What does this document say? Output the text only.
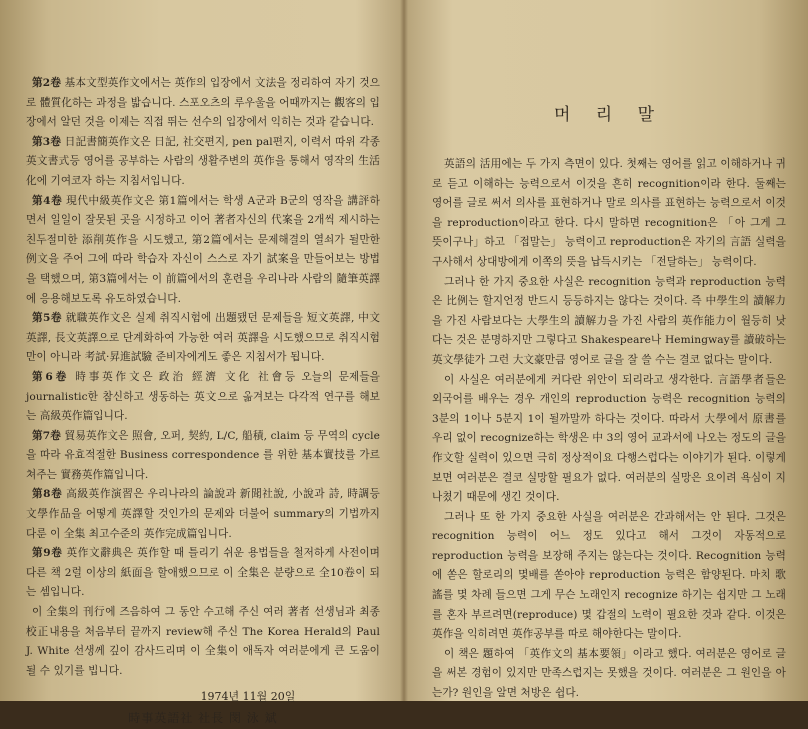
第2卷 基本文型英作文에서는 英作의 입장에서 文法을 정리하여 자기 것으로 體質化하는 과정을 밟습니다. 스포오츠의 루우울을 어때까지는 觀客의 입장에서 알던 것을 이제는 직접 뛰는 선수의 입장에서 익히는 것과 같습니다.

第3卷 日記書簡英作文은 日記, 社交편지, pen pal편지, 이력서 따위 각종 英文書式등 영어를 공부하는 사람의 생활주변의 英作을 통해서 영작의 生活化에 기여코자 하는 지침서입니다.

第4卷 現代中級英作文은 第1篇에서는 학생 A군과 B군의 영작을 講評하면서 일일이 잘못된 곳을 시정하고 이어 著者자신의 代案을 2개씩 제시하는 친두절미한 添削英作을 시도했고, 第2篇에서는 문제해결의 열쇠가 될만한 例文을 주어 그에 따라 학습자 자신이 스스로 자기 試案을 만들어보는 방법을 택했으며, 第3篇에서는 이 前篇에서의 훈련을 우리나라 사람의 隨筆英譯에 응용해보도록 유도하였습니다.

第5卷 就職英作文은 실제 취직시험에 出題됐던 문제들을 短文英譯, 中文英譯, 長文英譯으로 단계화하여 가능한 여러 英譯을 시도했으므로 취직시험만이 아니라 考試·昇進試驗 준비자에게도 좋은 지침서가 됩니다.

第6卷 時事英作文은 政治 經濟 文化 社會등 오늘의 문제들을 journalistic한 참신하고 생동하는 英文으로 옮겨보는 다각적 연구를 해보는 高級英作篇입니다.

第7卷 貿易英作文은 照會, 오퍼, 契約, L/C, 船積, claim 등 무역의 cycle을 따라 유효적절한 Business correspondence 를 위한 基本實技를 가르쳐주는 實務英作篇입니다.

第8卷 高級英作演習은 우리나라의 論說과 新聞社說, 小說과 詩, 時調등 文學作品을 어떻게 英譯할 것인가의 문제와 더불어 summary의 기법까지 다룬 이 全集 최고수준의 英作完成篇입니다.

第9卷 英作文辭典은 英作할 때 틀리기 쉬운 용법들을 철저하게 사전이며 다른 책 2럴 이상의 紙面을 할애했으므로 이 全集은 분량으로 全10卷이 되는 셈입니다.

이 全集의 刊行에 즈음하여 그 동안 수고해 주신 여러 著者 선생님과 최종 校正내용을 처음부터 끝까지 review해 주신 The Korea Herald의 Paul J. White 선생께 깊이 감사드리며 이 全集이 애독자 여러분에게 큰 도움이 될 수 있기를 빕니다.

1974년 11월 20일
時事英語社 社長 閔 泳 斌
머 리 말

英語의 活用에는 두 가지 측면이 있다. 첫째는 영어를 읽고 이해하거나 귀로 듣고 이해하는 능력으로서 이것을 흔히 recognition이라 한다. 둘째는 영어를 글로 써서 의사를 표현하거나 말로 의사를 표현하는 능력으로서 이것을 reproduction이라고 한다. 다시 말하면 recognition은 「아 그게 그 뜻이구나」하고 「접말는」 능력이고 reproduction은 자기의 言語 실력을 구사해서 상대방에게 이쪽의 뜻을 납득시키는 「전달하는」 능력이다.

그러나 한 가지 중요한 사실은 recognition 능력과 reproduction 능력은 比例는 할지언정 반드시 등등하지는 않다는 것이다. 즉 中學生의 讀解力을 가진 사람보다는 大學生의 讀解力을 가진 사람의 英作能力이 월등히 낫다는 것은 분명하지만 그렇다고 Shakespeare나 Hemingway를 讀破하는 英文學徒가 그런 大文豪만큼 영어로 글을 잘 쓸 수는 결코 없다는 말이다.

이 사실은 여러분에게 커다란 위안이 되리라고 생각한다. 言語學者들은 외국어를 배우는 경우 개인의 reproduction 능력은 recognition 능력의 3분의 1이나 5분지 1이 될까말까 하다는 것이다. 따라서 大學에서 原書를 우리 없이 recognize하는 학생은 中 3의 영어 교과서에 나오는 정도의 글을 作文할 실력이 있으면 극히 정상적이요 다행스럽다는 이야기가 된다. 이렇게 보면 여러분은 결코 실망할 필요가 없다. 여러분의 실망은 요이려 욕심이 지나쳤기 때문에 생긴 것이다.

그러나 또 한 가지 중요한 사실을 여러분은 간과해서는 안 된다. 그것은 recognition 능력이 어느 정도 있다고 해서 그것이 자동적으로 reproduction 능력을 보장해 주지는 않는다는 것이다. Recognition 능력에 쏟은 할로리의 몇배를 쏟아야 reproduction 능력은 함양된다. 마치 歌謠를 몇 차례 들으면 그게 무슨 노래인지 recognize 하기는 쉽지만 그 노래를 혼자 부르려면(reproduce) 몇 갑절의 노력이 필요한 것과 같다. 이것은 英作을 익히려면 英作공부를 따로 해야한다는 말이다.

이 책은 題하여 「英作文의 基本要領」이라고 했다. 여러분은 영어로 글을 써본 경험이 있지만 만족스럽지는 못했을 것이다. 여러분은 그 원인을 아는가? 원인을 알면 처방은 쉽다.
